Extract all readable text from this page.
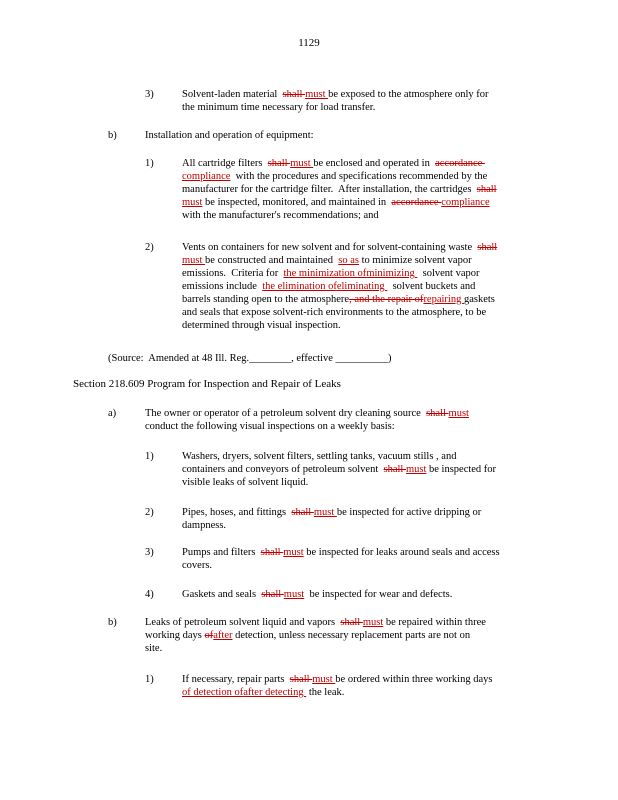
1129
3)	Solvent-laden material  shall must be exposed to the atmosphere only for
the minimum time necessary for load transfer.
b)	Installation and operation of equipment:
1)	All cartridge filters  shall must be enclosed and operated in  accordance
compliance  with the procedures and specifications recommended by the
manufacturer for the cartridge filter.  After installation, the cartridges  shall
must be inspected, monitored, and maintained in  accordance compliance
with the manufacturer's recommendations; and
2)	Vents on containers for new solvent and for solvent-containing waste  shall
must be constructed and maintained  so as to minimize solvent vapor
emissions.  Criteria for  the minimization ofminimizing   solvent vapor
emissions include  the elimination ofeliminating   solvent buckets and
barrels standing open to the atmosphere, and the repair ofrepairing gaskets
and seals that expose solvent-rich environments to the atmosphere, to be
determined through visual inspection.
(Source:  Amended at 48 Ill. Reg.________, effective __________)
Section 218.609 Program for Inspection and Repair of Leaks
a)	The owner or operator of a petroleum solvent dry cleaning source  shall must
conduct the following visual inspections on a weekly basis:
1)	Washers, dryers, solvent filters, settling tanks, vacuum stills , and
containers and conveyors of petroleum solvent  shall must be inspected for
visible leaks of solvent liquid.
2)	Pipes, hoses, and fittings  shall must be inspected for active dripping or
dampness.
3)	Pumps and filters  shall must be inspected for leaks around seals and access
covers.
4)	Gaskets and seals  shall must  be inspected for wear and defects.
b)	Leaks of petroleum solvent liquid and vapors  shall must be repaired within three
working days ofafter detection, unless necessary replacement parts are not on
site.
1)	If necessary, repair parts  shall must be ordered within three working days
of detection ofafter detecting  the leak.
